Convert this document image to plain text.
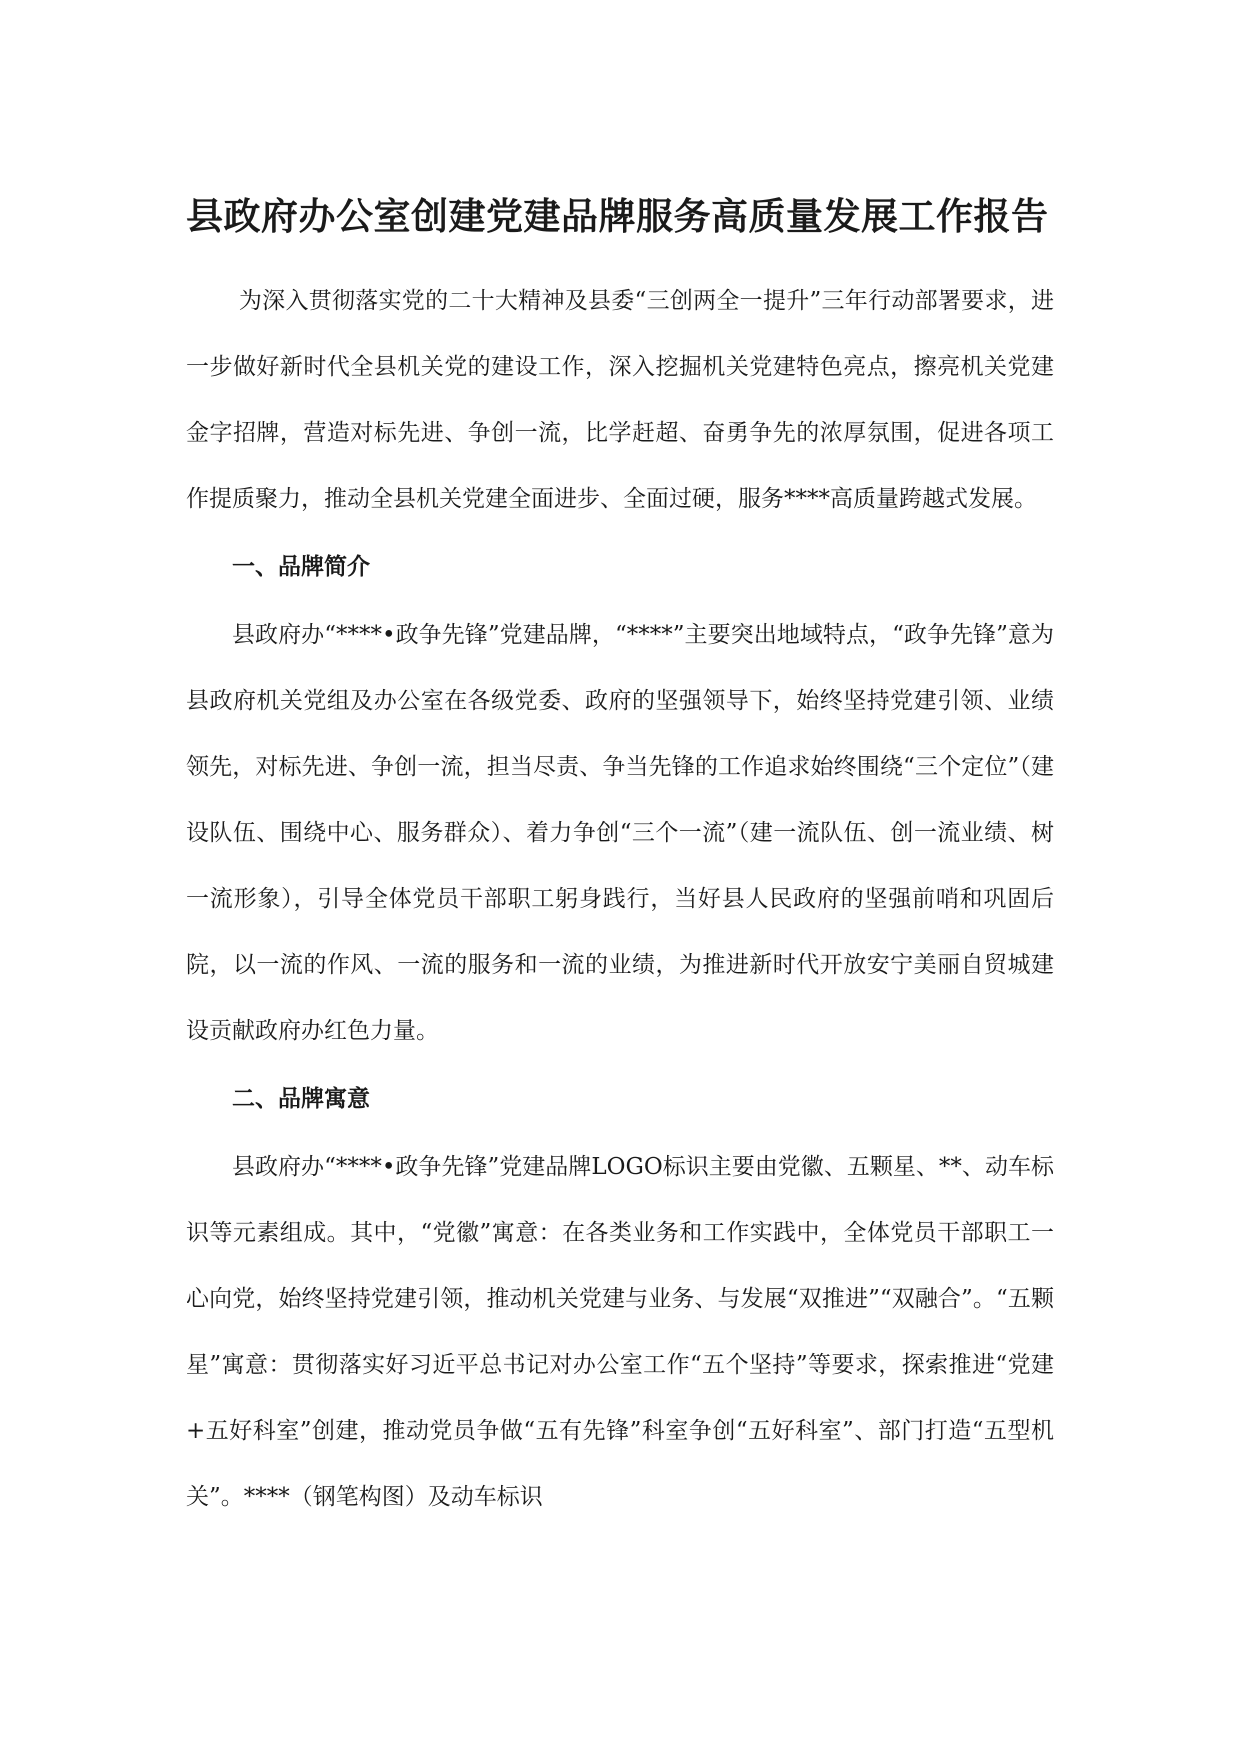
县政府办公室创建党建品牌服务高质量发展工作报告

为深入贯彻落实党的二十大精神及县委“三创两全一提升”三年行动部署要求，进一步做好新时代全县机关党的建设工作，深入挖掘机关党建特色亮点，擦亮机关党建金字招牌，营造对标先进、争创一流，比学赶超、奋勇争先的浓厚氛围，促进各项工作提质聚力，推动全县机关党建全面进步、全面过硬，服务****高质量跨越式发展。

一、品牌简介

县政府办“****•政争先锋”党建品牌，“****”主要突出地域特点，“政争先锋”意为县政府机关党组及办公室在各级党委、政府的坚强领导下，始终坚持党建引领、业绩领先，对标先进、争创一流，担当尽责、争当先锋的工作追求始终围绕“三个定位”（建设队伍、围绕中心、服务群众）、着力争创“三个一流”（建一流队伍、创一流业绩、树一流形象），引导全体党员干部职工躬身践行，当好县人民政府的坚强前哨和巩固后院，以一流的作风、一流的服务和一流的业绩，为推进新时代开放安宁美丽自贸城建设贡献政府办红色力量。

二、品牌寓意

县政府办“****•政争先锋”党建品牌LOGO标识主要由党徽、五颗星、**、动车标识等元素组成。其中，“党徽”寓意：在各类业务和工作实践中，全体党员干部职工一心向党，始终坚持党建引领，推动机关党建与业务、与发展“双推进”“双融合”。“五颗星”寓意：贯彻落实好习近平总书记对办公室工作“五个坚持”等要求，探索推进“党建+五好科室”创建，推动党员争做“五有先锋”科室争创“五好科室”、部门打造“五型机关”。****（钢笔构图）及动车标识
